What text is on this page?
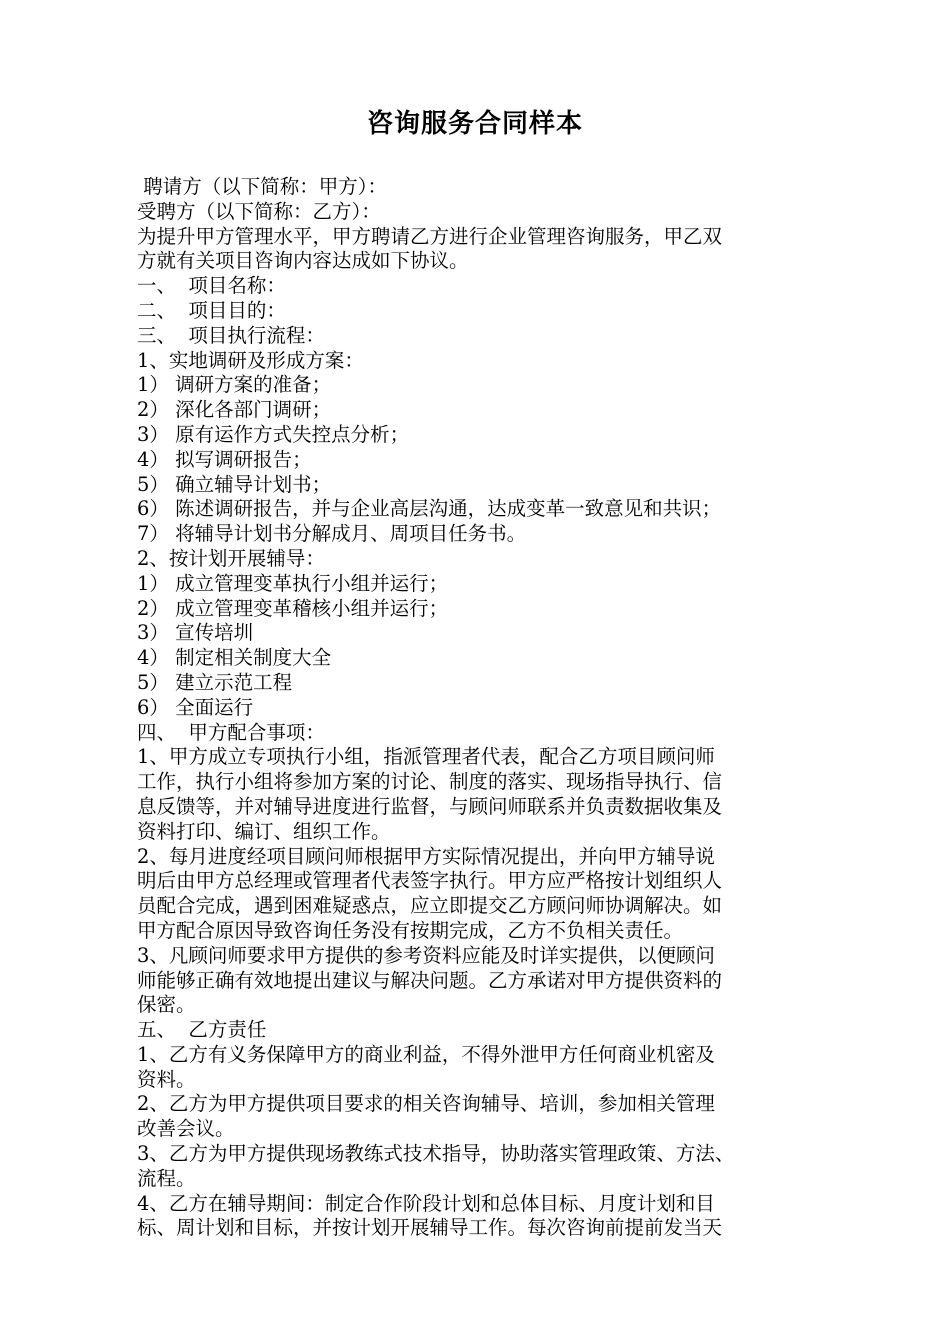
咨询服务合同样本
聘请方（以下简称：甲方）：
受聘方（以下简称：乙方）：
为提升甲方管理水平，甲方聘请乙方进行企业管理咨询服务，甲乙双
方就有关项目咨询内容达成如下协议。
一、  项目名称：
二、  项目目的：
三、  项目执行流程：
1、实地调研及形成方案：
1） 调研方案的准备；
2） 深化各部门调研；
3） 原有运作方式失控点分析；
4） 拟写调研报告；
5） 确立辅导计划书；
6） 陈述调研报告，并与企业高层沟通，达成变革一致意见和共识；
7） 将辅导计划书分解成月、周项目任务书。
2、按计划开展辅导：
1） 成立管理变革执行小组并运行；
2） 成立管理变革稽核小组并运行；
3） 宣传培圳
4） 制定相关制度大全
5） 建立示范工程
6） 全面运行
四、  甲方配合事项：
1、甲方成立专项执行小组，指派管理者代表，配合乙方项目顾问师
工作，执行小组将参加方案的讨论、制度的落实、现场指导执行、信
息反馈等，并对辅导进度进行监督，与顾问师联系并负责数据收集及
资料打印、编订、组织工作。
2、每月进度经项目顾问师根据甲方实际情况提出，并向甲方辅导说
明后由甲方总经理或管理者代表签字执行。甲方应严格按计划组织人
员配合完成，遇到困难疑惑点，应立即提交乙方顾问师协调解决。如
甲方配合原因导致咨询任务没有按期完成，乙方不负相关责任。
3、凡顾问师要求甲方提供的参考资料应能及时详实提供，以便顾问
师能够正确有效地提出建议与解决问题。乙方承诺对甲方提供资料的
保密。
五、  乙方责任
1、乙方有义务保障甲方的商业利益，不得外泄甲方任何商业机密及
资料。
2、乙方为甲方提供项目要求的相关咨询辅导、培训，参加相关管理
改善会议。
3、乙方为甲方提供现场教练式技术指导，协助落实管理政策、方法、
流程。
4、乙方在辅导期间：制定合作阶段计划和总体目标、月度计划和目
标、周计划和目标，并按计划开展辅导工作。每次咨询前提前发当天
